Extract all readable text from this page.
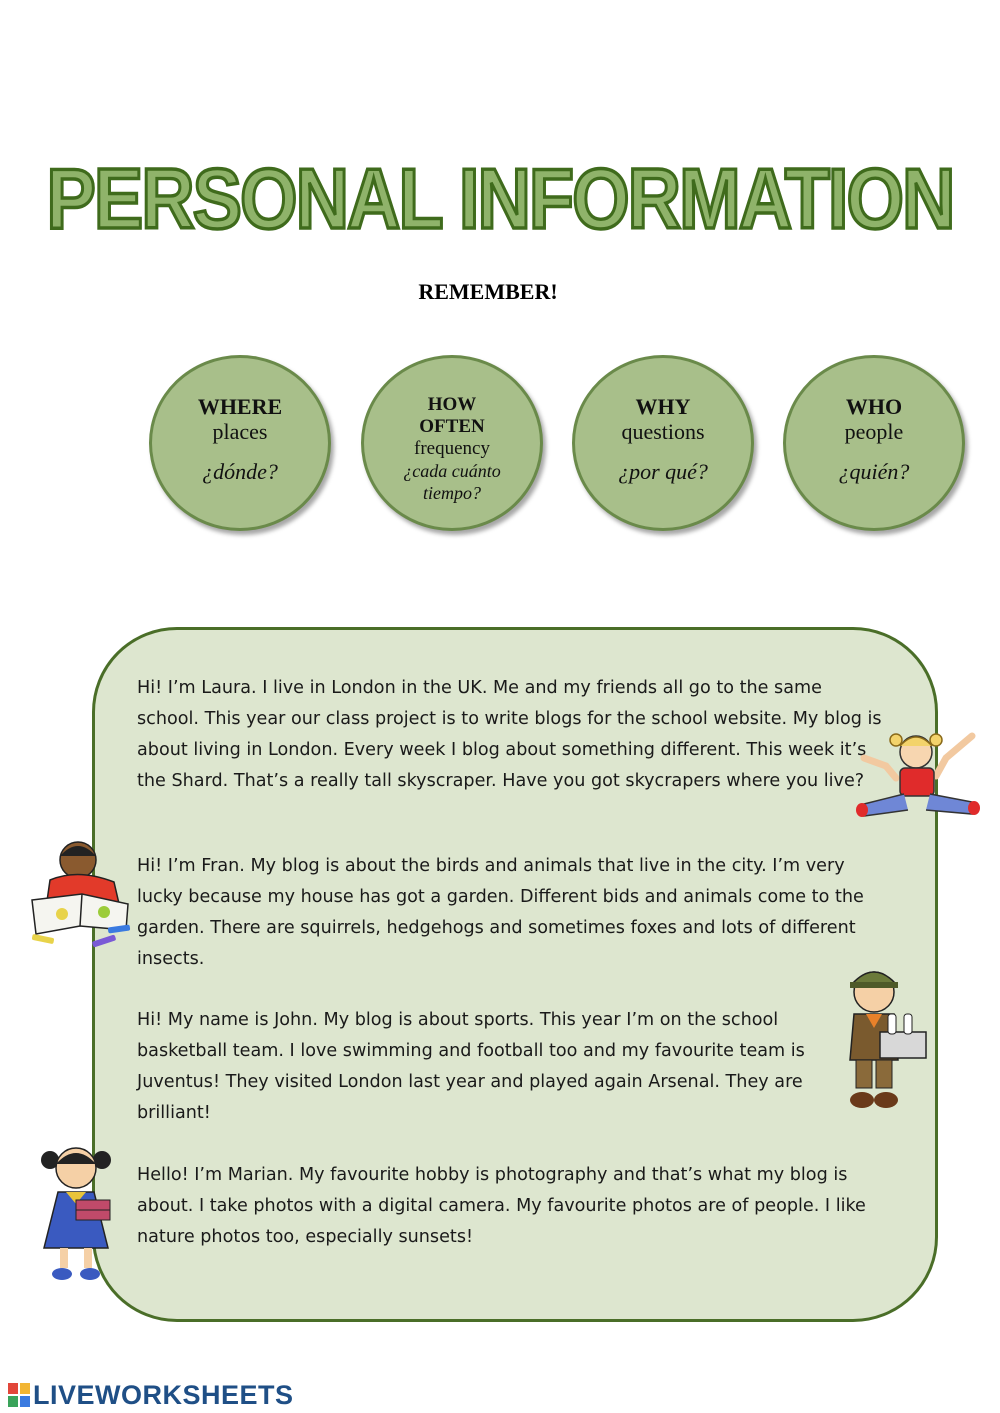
PERSONAL INFORMATION
REMEMBER!
WHERE
places
¿dónde?
HOW OFTEN
frequency
¿cada cuánto tiempo?
WHY
questions
¿por qué?
WHO
people
¿quién?
Hi! I’m Laura. I live in London in the UK. Me and my friends all go to the same school. This year our class project is to write blogs for the school website. My blog is about living in London. Every week I blog about something different. This week it’s the Shard. That’s a really tall skyscraper. Have you got skycrapers where you live?
Hi! I’m Fran. My blog is about the birds and animals that live in the city. I’m very lucky because my house has got a garden. Different bids and animals come to the garden. There are squirrels, hedgehogs and sometimes foxes and lots of different insects.
Hi! My name is John. My blog is about sports. This year I’m on the school basketball team. I love swimming and football too and my favourite team is Juventus! They visited London last year and played again Arsenal. They are brilliant!
Hello! I’m Marian. My favourite hobby is photography and that’s what my blog is about. I take photos with a digital camera. My favourite photos are of people. I like nature photos too, especially sunsets!
LIVEWORKSHEETS
